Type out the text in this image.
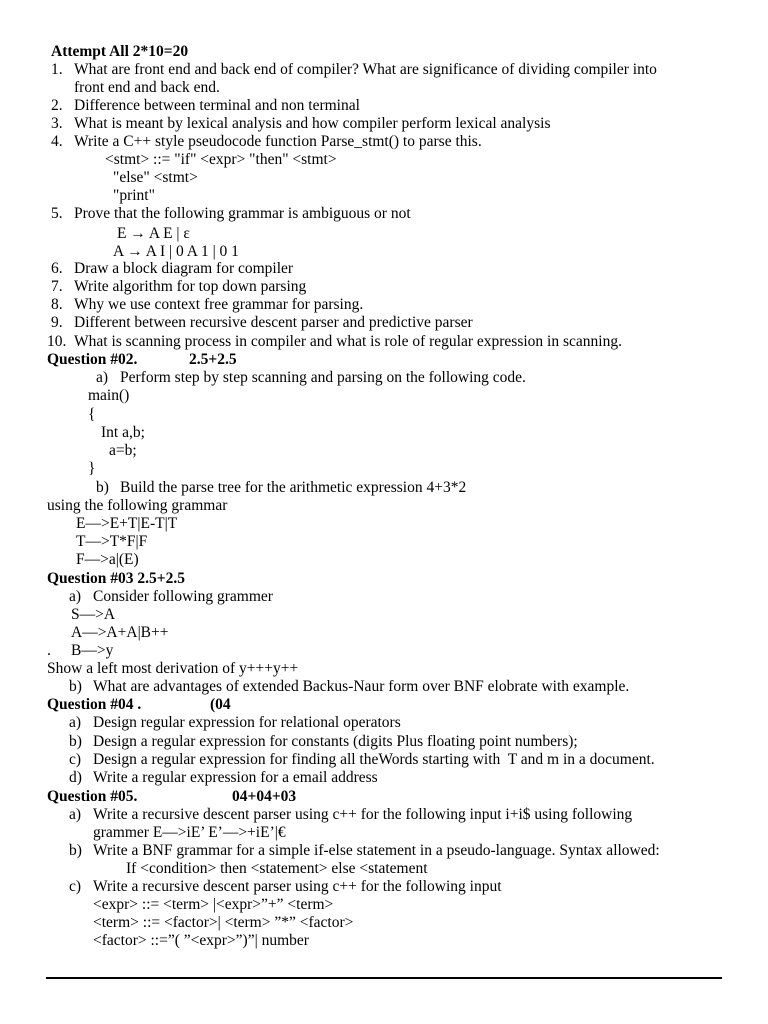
Attempt All 2*10=20
1. What are front end and back end of compiler? What are significance of dividing compiler into
front end and back end.
2. Difference between terminal and non terminal
3. What is meant by lexical analysis and how compiler perform lexical analysis
4. Write a C++ style pseudocode function Parse_stmt() to parse this.
<stmt> ::= "if" <expr> "then" <stmt>
"else" <stmt>
"print"
5. Prove that the following grammar is ambiguous or not
E → A E | ε
A → A I | 0 A 1 | 0 1
6. Draw a block diagram for compiler
7. Write algorithm for top down parsing
8. Why we use context free grammar for parsing.
9. Different between recursive descent parser and predictive parser
10. What is scanning process in compiler and what is role of regular expression in scanning.
Question #02.	2.5+2.5
a) Perform step by step scanning and parsing on the following code.
main()
{
Int a,b;
a=b;
}
b) Build the parse tree for the arithmetic expression 4+3*2
using the following grammar
E—>E+T|E-T|T
T—>T*F|F
F—>a|(E)
Question #03 2.5+2.5
a) Consider following grammer
S—>A
A—>A+A|B++
. B—>y
Show a left most derivation of y+++y++
b) What are advantages of extended Backus-Naur form over BNF elobrate with example.
Question #04 .	(04
a) Design regular expression for relational operators
b) Design a regular expression for constants (digits Plus floating point numbers);
c) Design a regular expression for finding all theWords starting with  T and m in a document.
d) Write a regular expression for a email address
Question #05.	04+04+03
a) Write a recursive descent parser using c++ for the following input i+i$ using following
grammer E—>iE’ E’—>+iE’|€
b) Write a BNF grammar for a simple if-else statement in a pseudo-language. Syntax allowed:
If <condition> then <statement> else <statement
c) Write a recursive descent parser using c++ for the following input
<expr> ::= <term> |<expr>”+” <term>
<term> ::= <factor>| <term> ”*” <factor>
<factor> ::=”( ”<expr>”)”| number
